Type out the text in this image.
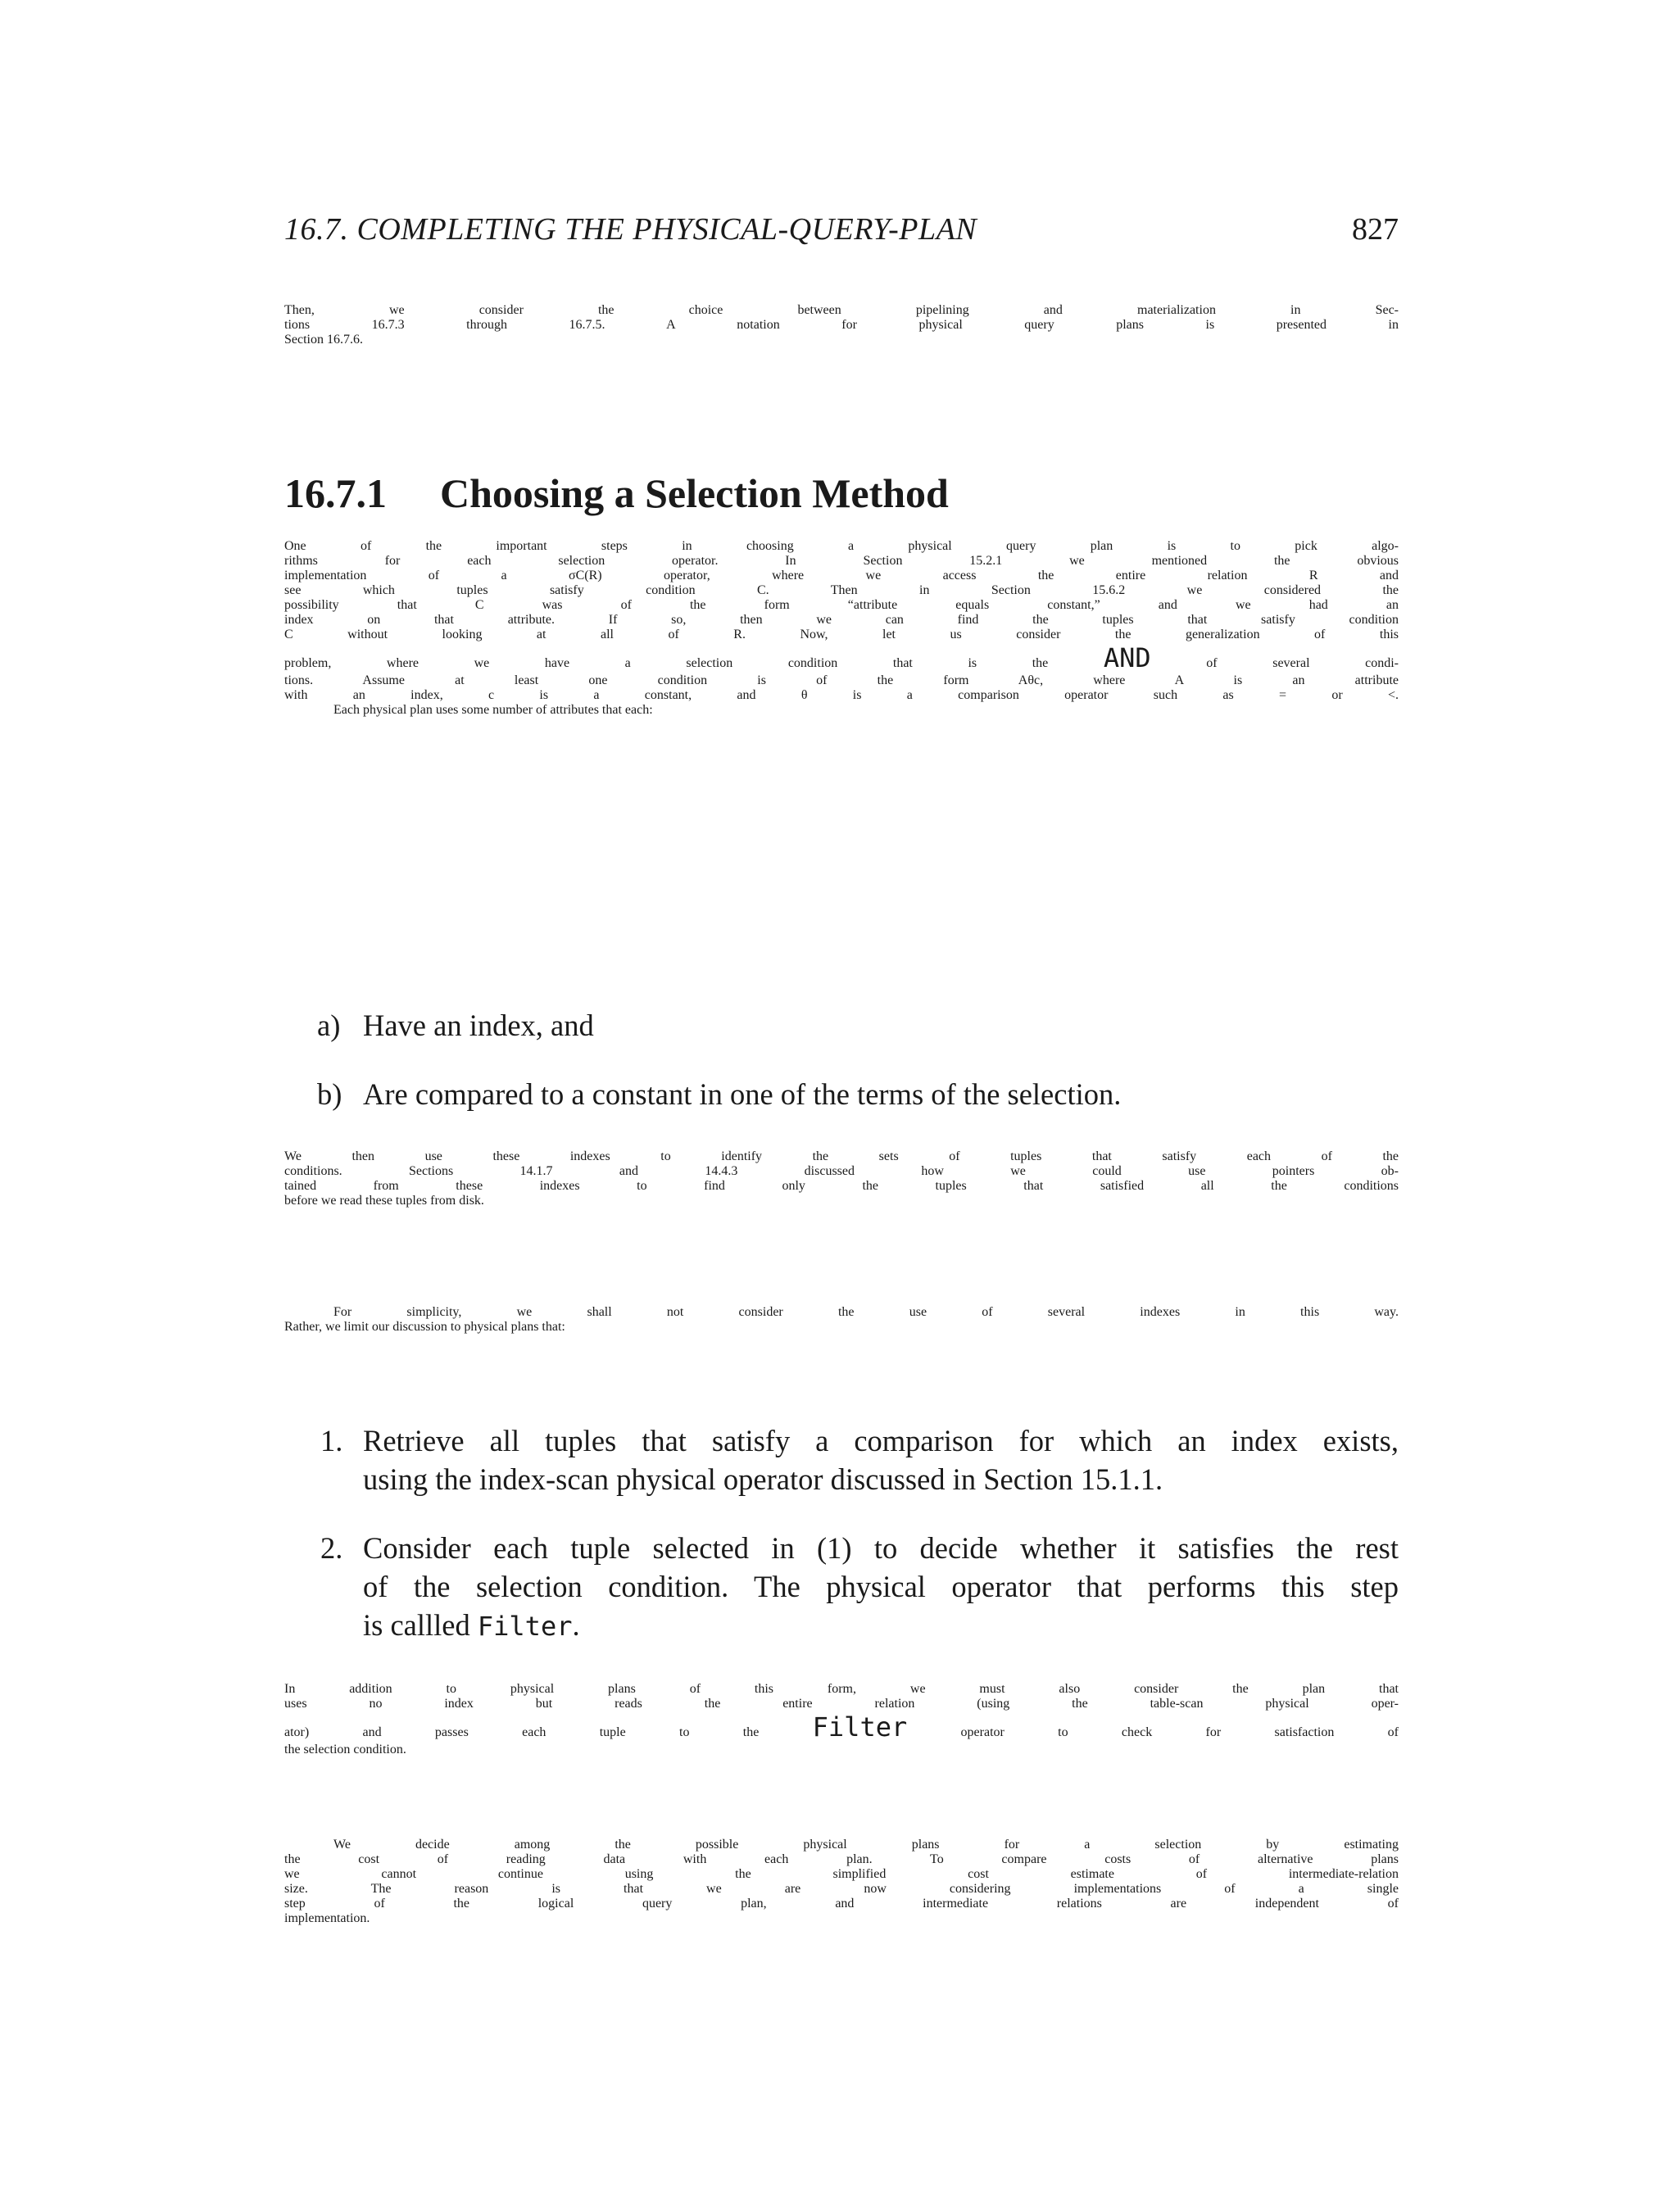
16.7. COMPLETING THE PHYSICAL-QUERY-PLAN	827
Then, we consider the choice between pipelining and materialization in Sec-
tions 16.7.3 through 16.7.5. A notation for physical query plans is presented in
Section 16.7.6.
16.7.1 Choosing a Selection Method
One of the important steps in choosing a physical query plan is to pick algo-
rithms for each selection operator. In Section 15.2.1 we mentioned the obvious
implementation of a σC(R) operator, where we access the entire relation R and
see which tuples satisfy condition C. Then in Section 15.6.2 we considered the
possibility that C was of the form “attribute equals constant,” and we had an
index on that attribute. If so, then we can find the tuples that satisfy condition
C without looking at all of R. Now, let us consider the generalization of this
problem, where we have a selection condition that is the AND of several condi-
tions. Assume at least one condition is of the form Aθc, where A is an attribute
with an index, c is a constant, and θ is a comparison operator such as = or <.
Each physical plan uses some number of attributes that each:
a) Have an index, and
b) Are compared to a constant in one of the terms of the selection.
We then use these indexes to identify the sets of tuples that satisfy each of the
conditions. Sections 14.1.7 and 14.4.3 discussed how we could use pointers ob-
tained from these indexes to find only the tuples that satisfied all the conditions
before we read these tuples from disk.
For simplicity, we shall not consider the use of several indexes in this way.
Rather, we limit our discussion to physical plans that:
1. Retrieve all tuples that satisfy a comparison for which an index exists,
using the index-scan physical operator discussed in Section 15.1.1.
2. Consider each tuple selected in (1) to decide whether it satisfies the rest
of the selection condition. The physical operator that performs this step
is callled Filter.
In addition to physical plans of this form, we must also consider the plan that
uses no index but reads the entire relation (using the table-scan physical oper-
ator) and passes each tuple to the Filter operator to check for satisfaction of
the selection condition.
We decide among the possible physical plans for a selection by estimating
the cost of reading data with each plan. To compare costs of alternative plans
we cannot continue using the simplified cost estimate of intermediate-relation
size. The reason is that we are now considering implementations of a single
step of the logical query plan, and intermediate relations are independent of
implementation.
